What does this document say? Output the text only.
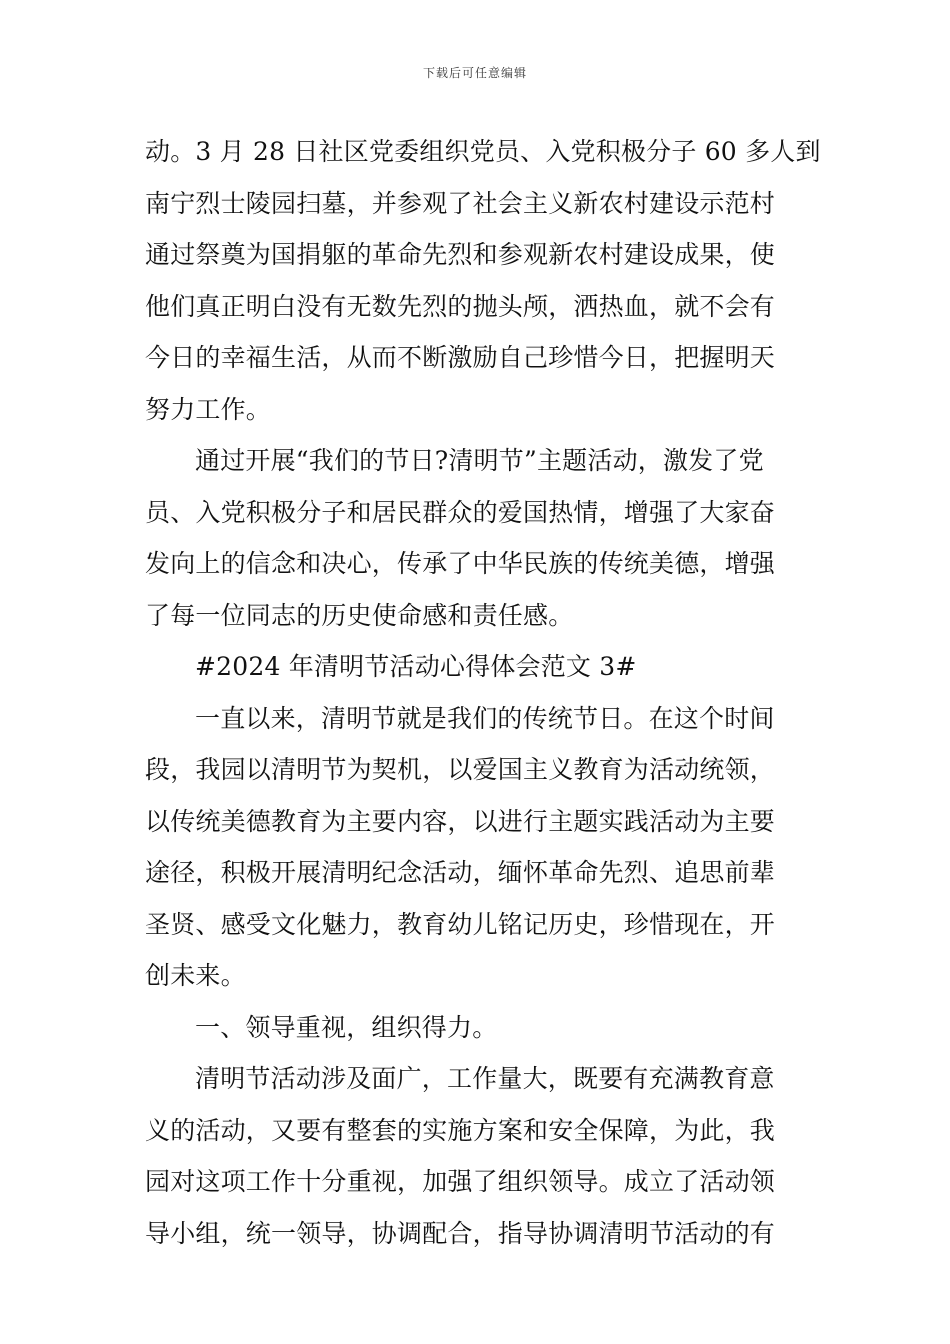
下载后可任意编辑
动。3 月 28 日社区党委组织党员、入党积极分子 60 多人到
南宁烈士陵园扫墓，并参观了社会主义新农村建设示范村
通过祭奠为国捐躯的革命先烈和参观新农村建设成果，使
他们真正明白没有无数先烈的抛头颅，洒热血，就不会有
今日的幸福生活，从而不断激励自己珍惜今日，把握明天
努力工作。
通过开展“我们的节日?清明节”主题活动，激发了党
员、入党积极分子和居民群众的爱国热情，增强了大家奋
发向上的信念和决心，传承了中华民族的传统美德，增强
了每一位同志的历史使命感和责任感。
#2024 年清明节活动心得体会范文 3#
一直以来，清明节就是我们的传统节日。在这个时间
段，我园以清明节为契机，以爱国主义教育为活动统领，
以传统美德教育为主要内容，以进行主题实践活动为主要
途径，积极开展清明纪念活动，缅怀革命先烈、追思前辈
圣贤、感受文化魅力，教育幼儿铭记历史，珍惜现在，开
创未来。
一、领导重视，组织得力。
清明节活动涉及面广，工作量大，既要有充满教育意
义的活动，又要有整套的实施方案和安全保障，为此，我
园对这项工作十分重视，加强了组织领导。成立了活动领
导小组，统一领导，协调配合，指导协调清明节活动的有
